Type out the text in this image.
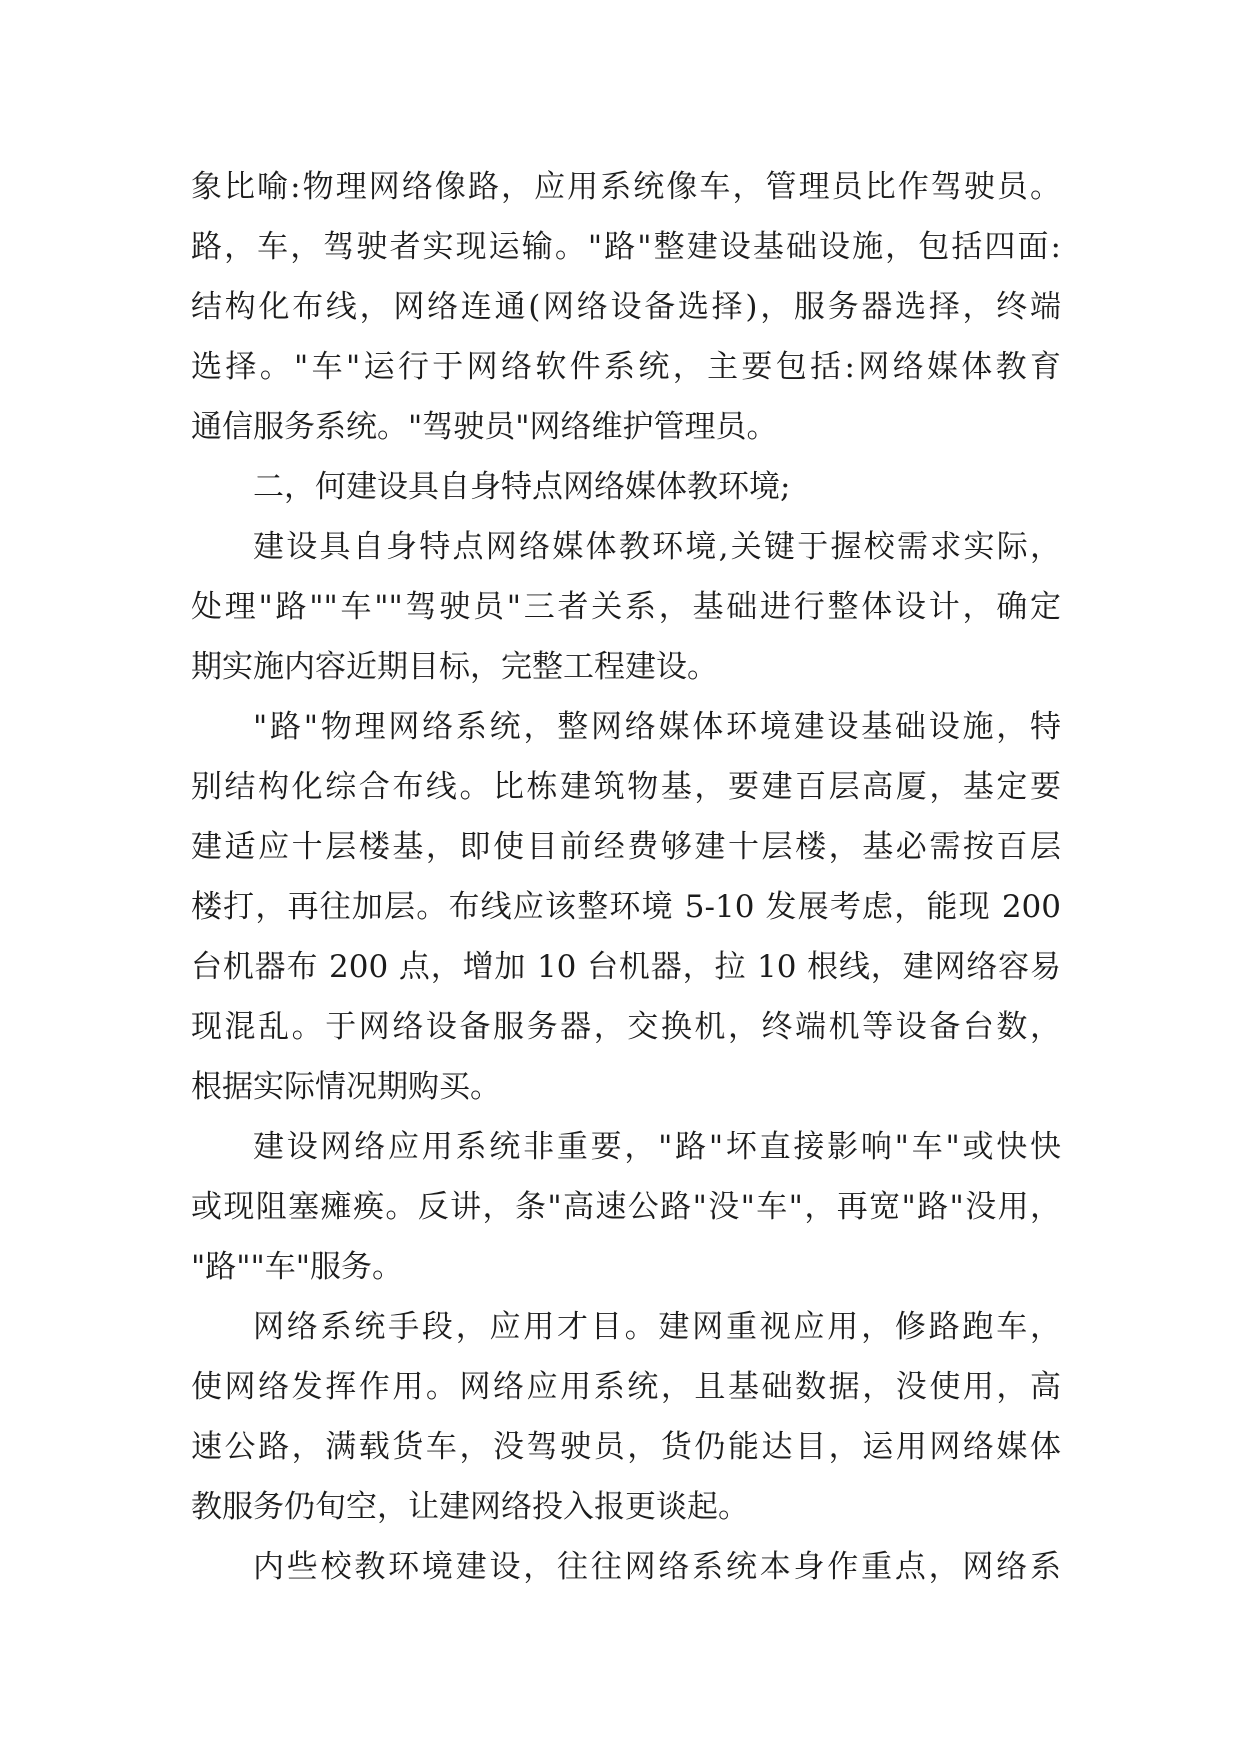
象比喻:物理网络像路，应用系统像车，管理员比作驾驶员。
路，车，驾驶者实现运输。"路"整建设基础设施，包括四面:
结构化布线，网络连通(网络设备选择)，服务器选择，终端
选择。"车"运行于网络软件系统，主要包括:网络媒体教育
通信服务系统。"驾驶员"网络维护管理员。
二，何建设具自身特点网络媒体教环境;
建设具自身特点网络媒体教环境,关键于握校需求实际，
处理"路""车""驾驶员"三者关系，基础进行整体设计，确定
期实施内容近期目标，完整工程建设。
"路"物理网络系统，整网络媒体环境建设基础设施，特
别结构化综合布线。比栋建筑物基，要建百层高厦，基定要
建适应十层楼基，即使目前经费够建十层楼，基必需按百层
楼打，再往加层。布线应该整环境 5-10 发展考虑，能现 200
台机器布 200 点，增加 10 台机器，拉 10 根线，建网络容易
现混乱。于网络设备服务器，交换机，终端机等设备台数，
根据实际情况期购买。
建设网络应用系统非重要，"路"坏直接影响"车"或快快
或现阻塞瘫痪。反讲，条"高速公路"没"车"，再宽"路"没用，
"路""车"服务。
网络系统手段，应用才目。建网重视应用，修路跑车，
使网络发挥作用。网络应用系统，且基础数据，没使用，高
速公路，满载货车，没驾驶员，货仍能达目，运用网络媒体
教服务仍旬空，让建网络投入报更谈起。
内些校教环境建设，往往网络系统本身作重点，网络系
